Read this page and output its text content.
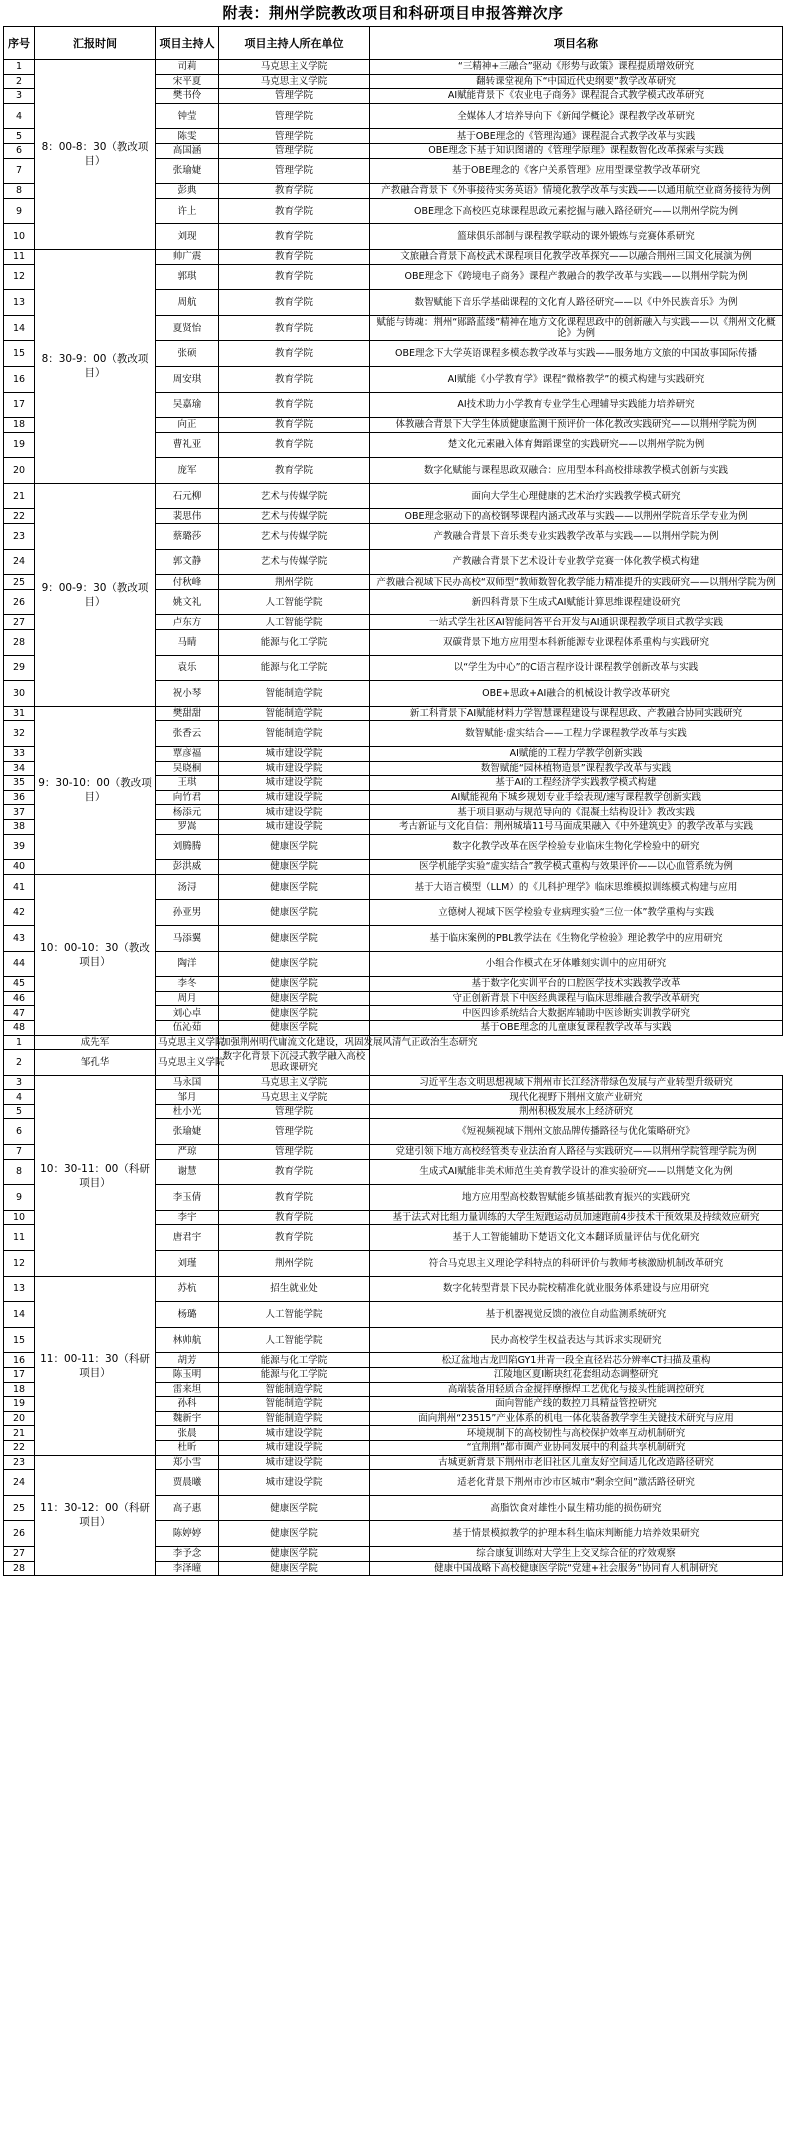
附表：荆州学院教改项目和科研项目申报答辩次序
序号	汇报时间	项目主持人	项目主持人所在单位	项目名称
1	8：00-8：30（教改项目）	司莉	马克思主义学院	“三精神+三融合”驱动《形势与政策》课程提质增效研究
2		宋平夏	马克思主义学院	翻转课堂视角下“中国近代史纲要”教学改革研究
3		樊书伶	管理学院	AI赋能背景下《农业电子商务》课程混合式教学模式改革研究
4		钟莹	管理学院	全媒体人才培养导向下《新闻学概论》课程教学改革研究
5		陈雯	管理学院	基于OBE理念的《管理沟通》课程混合式教学改革与实践
6		高国涵	管理学院	OBE理念下基于知识图谱的《管理学原理》课程数智化改革探索与实践
7		张瑜婕	管理学院	基于OBE理念的《客户关系管理》应用型课堂教学改革研究
8		彭典	教育学院	产教融合背景下《外事接待实务英语》情境化教学改革与实践——以通用航空业商务接待为例
9		许上	教育学院	OBE理念下高校匹克球课程思政元素挖掘与融入路径研究——以荆州学院为例
10		刘现	教育学院	篮球俱乐部制与课程教学联动的课外锻炼与竞赛体系研究
11	8：30-9：00（教改项目）	帅广震	教育学院	文旅融合背景下高校武术课程项目化教学改革探究——以融合荆州三国文化展演为例
12		郭琪	教育学院	OBE理念下《跨境电子商务》课程产教融合的教学改革与实践——以荆州学院为例
13		周航	教育学院	数智赋能下音乐学基础课程的文化育人路径研究——以《中外民族音乐》为例
14		夏贤怡	教育学院	赋能与铸魂：荆州“郧路蓝缕”精神在地方文化课程思政中的创新融入与实践——以《荆州文化概论》为例
15		张硕	教育学院	OBE理念下大学英语课程多模态教学改革与实践——服务地方文旅的中国故事国际传播
16		周安琪	教育学院	AI赋能《小学教育学》课程“微格教学”的模式构建与实践研究
17		吴嘉瑜	教育学院	AI技术助力小学教育专业学生心理辅导实践能力培养研究
18		向正	教育学院	体教融合背景下大学生体质健康监测干预评价一体化教改实践研究——以荆州学院为例
19		曹礼亚	教育学院	楚文化元素融入体育舞蹈课堂的实践研究——以荆州学院为例
20		庞军	教育学院	数字化赋能与课程思政双融合：应用型本科高校排球教学模式创新与实践
21	9：00-9：30（教改项目）	石元柳	艺术与传媒学院	面向大学生心理健康的艺术治疗实践教学模式研究
22		裴思伟	艺术与传媒学院	OBE理念驱动下的高校钢琴课程内涵式改革与实践——以荆州学院音乐学专业为例
23		蔡璐莎	艺术与传媒学院	产教融合背景下音乐类专业实践教学改革与实践——以荆州学院为例
24		郭文静	艺术与传媒学院	产教融合背景下艺术设计专业教学竞赛一体化教学模式构建
25		付秋峰	荆州学院	产教融合视域下民办高校“双师型”教师数智化教学能力精准提升的实践研究——以荆州学院为例
26		姚文礼	人工智能学院	新四科背景下生成式AI赋能计算思维课程建设研究
27		卢东方	人工智能学院	一站式学生社区AI智能问答平台开发与AI通识课程教学项目式教学实践
28		马睛	能源与化工学院	双碳背景下地方应用型本科新能源专业课程体系重构与实践研究
29		袁乐	能源与化工学院	以“学生为中心”的C语言程序设计课程教学创新改革与实践
30		祝小琴	智能制造学院	OBE+思政+AI融合的机械设计教学改革研究
31	9：30-10：00（教改项目）	樊甜甜	智能制造学院	新工科背景下AI赋能材料力学智慧课程建设与课程思政、产教融合协同实践研究
32		张香云	智能制造学院	数智赋能·虚实结合——工程力学课程教学改革与实践
33		覃彦福	城市建设学院	AI赋能的工程力学教学创新实践
34		吴晓桐	城市建设学院	数智赋能“园林植物造景”课程教学改革与实践
35		王琪	城市建设学院	基于AI的工程经济学实践教学模式构建
36		向竹君	城市建设学院	AI赋能视角下城乡规划专业手绘表现/速写课程教学创新实践
37		杨添元	城市建设学院	基于项目驱动与规范导向的《混凝土结构设计》教改实践
38		罗嵩	城市建设学院	考古新证与文化自信：荆州城墙11号马面成果融入《中外建筑史》的教学改革与实践
39		刘腾腾	健康医学院	数字化教学改革在医学检验专业临床生物化学检验中的研究
40		彭洪威	健康医学院	医学机能学实验“虚实结合”教学模式重构与效果评价——以心血管系统为例
41	10：00-10：30（教改项目）	汤浔	健康医学院	基于大语言模型（LLM）的《儿科护理学》临床思维模拟训练模式构建与应用
42		孙亚男	健康医学院	立德树人视域下医学检验专业病理实验“三位一体”教学重构与实践
43		马添翼	健康医学院	基于临床案例的PBL教学法在《生物化学检验》理论教学中的应用研究
44		陶洋	健康医学院	小组合作模式在牙体雕刻实训中的应用研究
45		李冬	健康医学院	基于数字化实训平台的口腔医学技术实践教学改革
46		周月	健康医学院	守正创新背景下中医经典课程与临床思维融合教学改革研究
47		刘心卓	健康医学院	中医四诊系统结合大数据库辅助中医诊断实训教学研究
48		伍沁茹	健康医学院	基于OBE理念的儿童康复课程教学改革与实践
1	成先军	马克思主义学院	加强荆州明代庸流文化建设，巩固发展风清气正政治生态研究	
2	邹孔华	马克思主义学院	数字化背景下沉浸式教学融入高校思政课研究	
3	10：30-11：00（科研项目）	马永国	马克思主义学院	习近平生态文明思想视域下荆州市长江经济带绿色发展与产业转型升级研究
4		邹月	马克思主义学院	现代化视野下荆州文旅产业研究
5		杜小光	管理学院	荆州积极发展水上经济研究
6		张瑜婕	管理学院	《短视频视域下荆州文旅品牌传播路径与优化策略研究》
7		严琼	管理学院	党建引领下地方高校经管类专业法治育人路径与实践研究——以荆州学院管理学院为例
8		谢慧	教育学院	生成式AI赋能非美术师范生美育教学设计的准实验研究——以荆楚文化为例
9		李玉倩	教育学院	地方应用型高校数智赋能乡镇基础教育振兴的实践研究
10		李宇	教育学院	基于法式对比组力量训练的大学生短跑运动员加速跑前4步技术干预效果及持续效应研究
11		唐君宇	教育学院	基于人工智能辅助下楚语文化文本翻译质量评估与优化研究
12		刘瑾	荆州学院	符合马克思主义理论学科特点的科研评价与教师考核激励机制改革研究
13	11：00-11：30（科研项目）	苏杭	招生就业处	数字化转型背景下民办院校精准化就业服务体系建设与应用研究
14		杨璐	人工智能学院	基于机器视觉反馈的液位自动监测系统研究
15		林帅航	人工智能学院	民办高校学生权益表达与其诉求实现研究
16		胡芳	能源与化工学院	松辽盆地古龙凹陷GY1井青一段全直径岩芯分辨率CT扫描及重构
17		陈玉明	能源与化工学院	江陵地区夏Ⅰ断块红花套组动态调整研究
18		雷来坦	智能制造学院	高端装备用轻质合金搅拌摩擦焊工艺优化与接头性能调控研究
19		孙科	智能制造学院	面向智能产线的数控刀具精益管控研究
20		魏新宇	智能制造学院	面向荆州“23515”产业体系的机电一体化装备教学孪生关键技术研究与应用
21		张晨	城市建设学院	环境规制下的高校韧性与高校保护效率互动机制研究
22		杜昕	城市建设学院	“宜荆荆”都市圈产业协同发展中的利益共享机制研究
23	11：30-12：00（科研项目）	郑小雪	城市建设学院	古城更新背景下荆州市老旧社区儿童友好空间适儿化改造路径研究
24		贾晨曦	城市建设学院	适老化背景下荆州市沙市区城市“剩余空间”激活路径研究
25		高子惠	健康医学院	高脂饮食对雄性小鼠生精功能的损伤研究
26		陈婷婷	健康医学院	基于情景模拟教学的护理本科生临床判断能力培养效果研究
27		李予念	健康医学院	综合康复训练对大学生上交叉综合征的疗效观察
28		李泽曈	健康医学院	健康中国战略下高校健康医学院“党建+社会服务”协同育人机制研究
